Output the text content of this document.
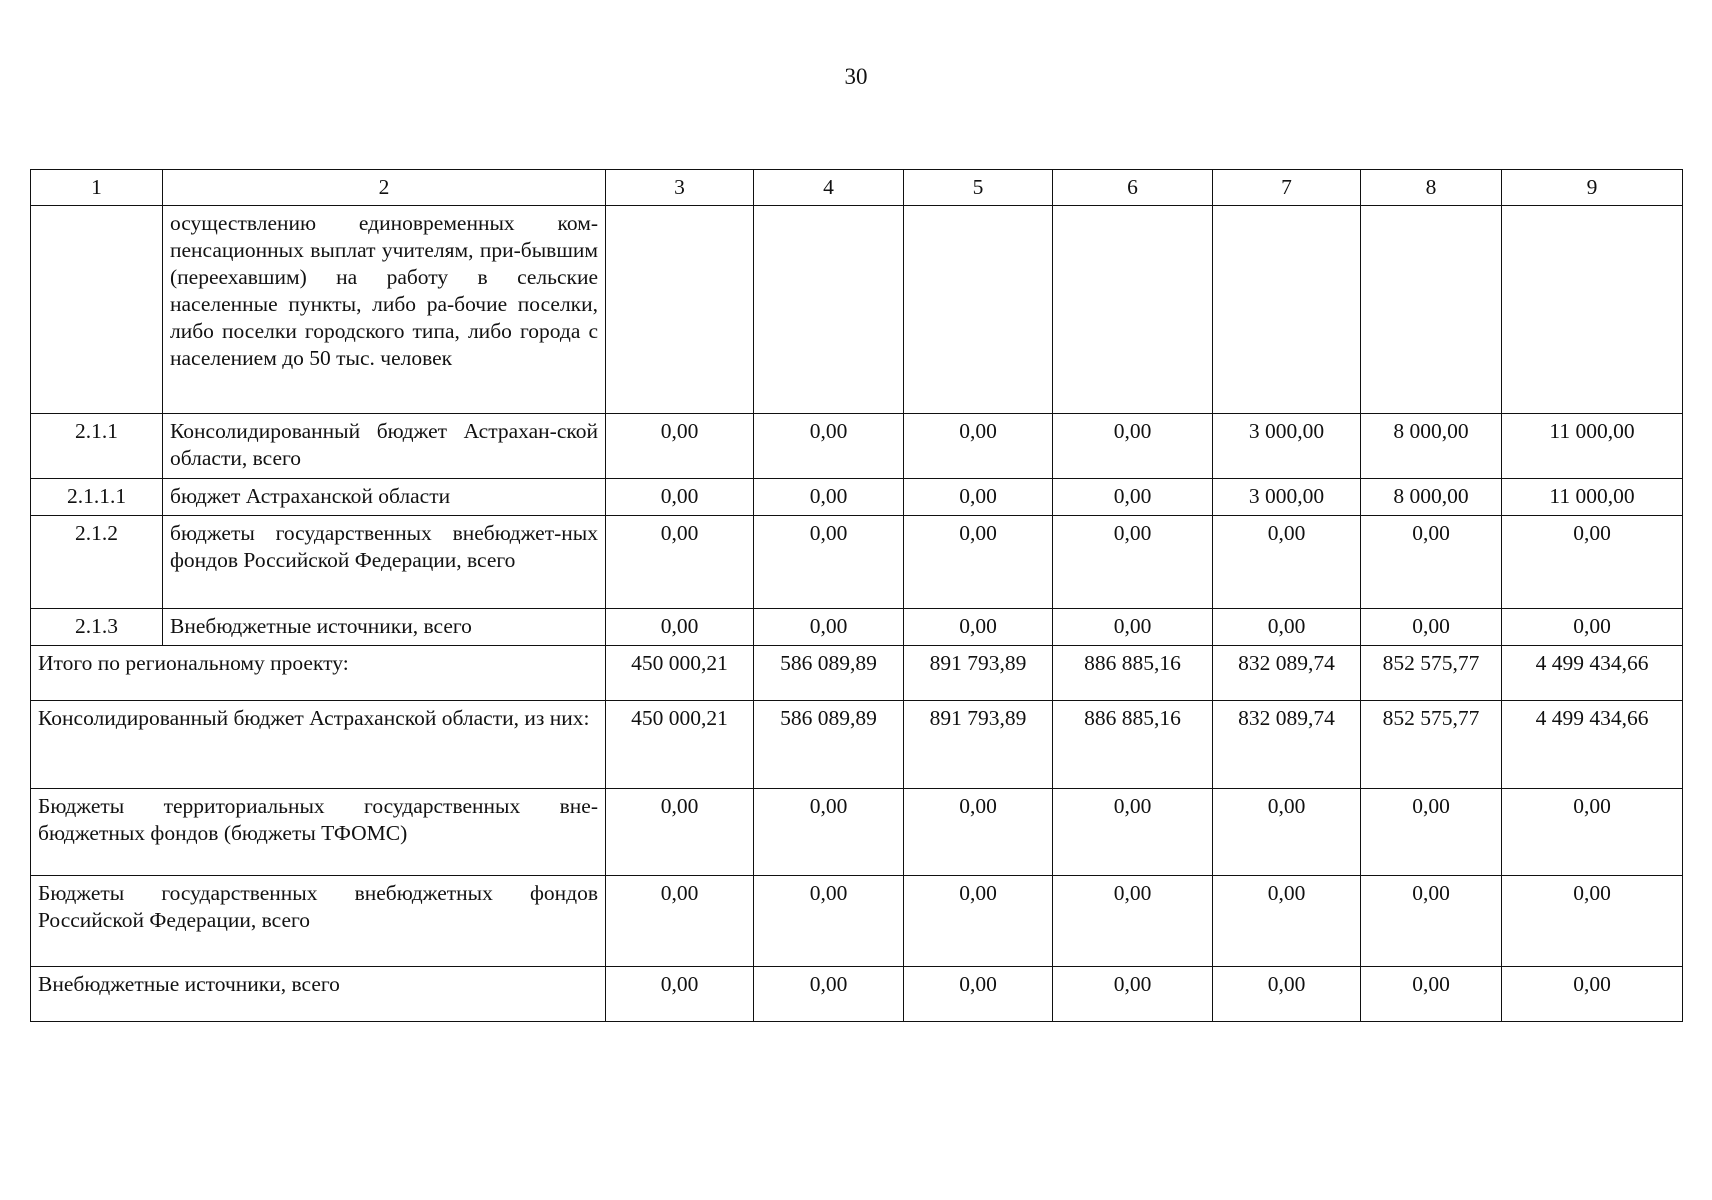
30
1	2	3	4	5	6	7	8	9
	осуществлению единовременных ком-пенсационных выплат учителям, при-бывшим (переехавшим) на работу в сельские населенные пункты, либо ра-бочие поселки, либо поселки городского типа, либо города с населением до 50 тыс. человек							
2.1.1	Консолидированный бюджет Астрахан-ской области, всего	0,00	0,00	0,00	0,00	3 000,00	8 000,00	11 000,00
2.1.1.1	бюджет Астраханской области	0,00	0,00	0,00	0,00	3 000,00	8 000,00	11 000,00
2.1.2	бюджеты государственных внебюджет-ных фондов Российской Федерации, всего	0,00	0,00	0,00	0,00	0,00	0,00	0,00
2.1.3	Внебюджетные источники, всего	0,00	0,00	0,00	0,00	0,00	0,00	0,00
Итого по региональному проекту:		450 000,21	586 089,89	891 793,89	886 885,16	832 089,74	852 575,77	4 499 434,66
Консолидированный бюджет Астраханской области, из них:		450 000,21	586 089,89	891 793,89	886 885,16	832 089,74	852 575,77	4 499 434,66
Бюджеты территориальных государственных вне-бюджетных фондов (бюджеты ТФОМС)		0,00	0,00	0,00	0,00	0,00	0,00	0,00
Бюджеты государственных внебюджетных фондов Российской Федерации, всего		0,00	0,00	0,00	0,00	0,00	0,00	0,00
Внебюджетные источники, всего		0,00	0,00	0,00	0,00	0,00	0,00	0,00
